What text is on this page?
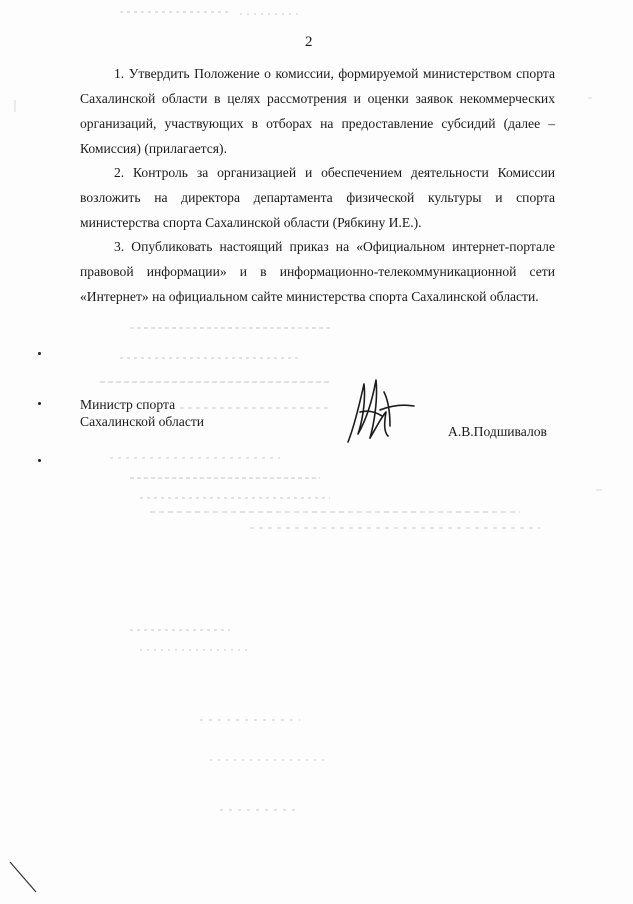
2

1. Утвердить Положение о комиссии, формируемой министерством спорта Сахалинской области в целях рассмотрения и оценки заявок некоммерческих организаций, участвующих в отборах на предоставление субсидий (далее – Комиссия) (прилагается).

2. Контроль за организацией и обеспечением деятельности Комиссии возложить на директора департамента физической культуры и спорта министерства спорта Сахалинской области (Рябкину И.Е.).

3. Опубликовать настоящий приказ на «Официальном интернет-портале правовой информации» и в информационно-телекоммуникационной сети «Интернет» на официальном сайте министерства спорта Сахалинской области.

Министр спорта
Сахалинской области
А.В.Подшивалов
